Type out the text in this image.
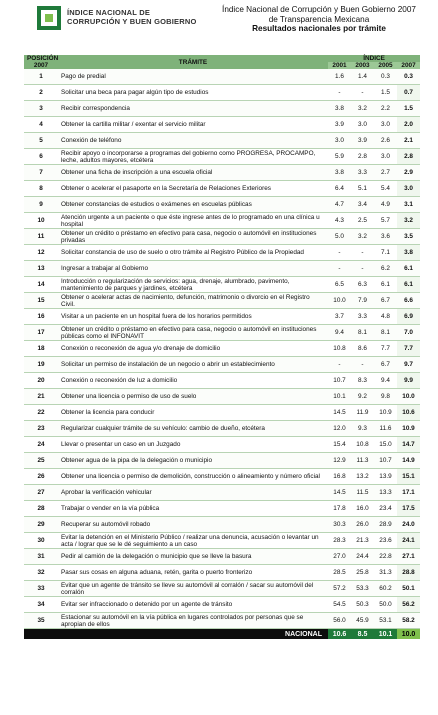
ÍNDICE NACIONAL DE
CORRUPCIÓN Y BUEN GOBIERNO
Índice Nacional de Corrupción y Buen Gobierno 2007
de Transparencia Mexicana
Resultados nacionales por trámite
POSICIÓN	TRÁMITE	ÍNDICE			
2007		2001	2003	2005	2007
1	Pago de predial	1.6	1.4	0.3	0.3
2	Solicitar una beca para pagar algún tipo de estudios	-	-	1.5	0.7
3	Recibir correspondencia	3.8	3.2	2.2	1.5
4	Obtener la cartilla militar / exentar el servicio militar	3.9	3.0	3.0	2.0
5	Conexión de teléfono	3.0	3.9	2.6	2.1
6	Recibir apoyo o incorporarse a programas del gobierno como PROGRESA, PROCAMPO, leche, adultos mayores, etcétera	5.9	2.8	3.0	2.8
7	Obtener una ficha de inscripción a una escuela oficial	3.8	3.3	2.7	2.9
8	Obtener o acelerar el pasaporte en la Secretaría de Relaciones Exteriores	6.4	5.1	5.4	3.0
9	Obtener constancias de estudios o exámenes en escuelas públicas	4.7	3.4	4.9	3.1
10	Atención urgente a un paciente o que éste ingrese antes de lo programado en una clínica u hospital	4.3	2.5	5.7	3.2
11	Obtener un crédito o préstamo en efectivo para casa, negocio o automóvil en instituciones privadas	5.0	3.2	3.6	3.5
12	Solicitar constancia de uso de suelo o otro trámite al Registro Público de la Propiedad	-	-	7.1	3.8
13	Ingresar a trabajar al Gobierno	-	-	6.2	6.1
14	Introducción o regularización de servicios: agua, drenaje, alumbrado, pavimento, mantenimiento de parques y jardines, etcétera	6.5	6.3	6.1	6.1
15	Obtener o acelerar actas de nacimiento, defunción, matrimonio o divorcio en el Registro Civil.	10.0	7.9	6.7	6.6
16	Visitar a un paciente en un hospital fuera de los horarios permitidos	3.7	3.3	4.8	6.9
17	Obtener un crédito o préstamo en efectivo para casa, negocio o automóvil en instituciones públicas como el INFONAVIT	9.4	8.1	8.1	7.0
18	Conexión o reconexión de agua y/o drenaje de domicilio	10.8	8.6	7.7	7.7
19	Solicitar un permiso de instalación de un negocio o abrir un establecimiento	-	-	6.7	9.7
20	Conexión o reconexión de luz a domicilio	10.7	8.3	9.4	9.9
21	Obtener una licencia o permiso de uso de suelo	10.1	9.2	9.8	10.0
22	Obtener la licencia para conducir	14.5	11.9	10.9	10.6
23	Regularizar cualquier trámite de su vehículo: cambio de dueño, etcétera	12.0	9.3	11.6	10.9
24	Llevar o presentar un caso en un Juzgado	15.4	10.8	15.0	14.7
25	Obtener agua de la pipa de la delegación o municipio	12.9	11.3	10.7	14.9
26	Obtener una licencia o permiso de demolición, construcción o alineamiento y número oficial	16.8	13.2	13.9	15.1
27	Aprobar la verificación vehicular	14.5	11.5	13.3	17.1
28	Trabajar o vender en la vía pública	17.8	16.0	23.4	17.5
29	Recuperar su automóvil robado	30.3	26.0	28.9	24.0
30	Evitar la detención en el Ministerio Público / realizar una denuncia, acusación o levantar un acta / lograr que se le dé seguimiento a un caso	28.3	21.3	23.6	24.1
31	Pedir al camión de la delegación o municipio que se lleve la basura	27.0	24.4	22.8	27.1
32	Pasar sus cosas en alguna aduana, retén, garita o puerto fronterizo	28.5	25.8	31.3	28.8
33	Evitar que un agente de tránsito se lleve su automóvil al corralón / sacar su automóvil del corralón	57.2	53.3	60.2	50.1
34	Evitar ser infraccionado o detenido por un agente de tránsito	54.5	50.3	50.0	56.2
35	Estacionar su automóvil en la vía pública en lugares controlados por personas que se apropian de ellos	56.0	45.9	53.1	58.2
NACIONAL		10.6	8.5	10.1	10.0
